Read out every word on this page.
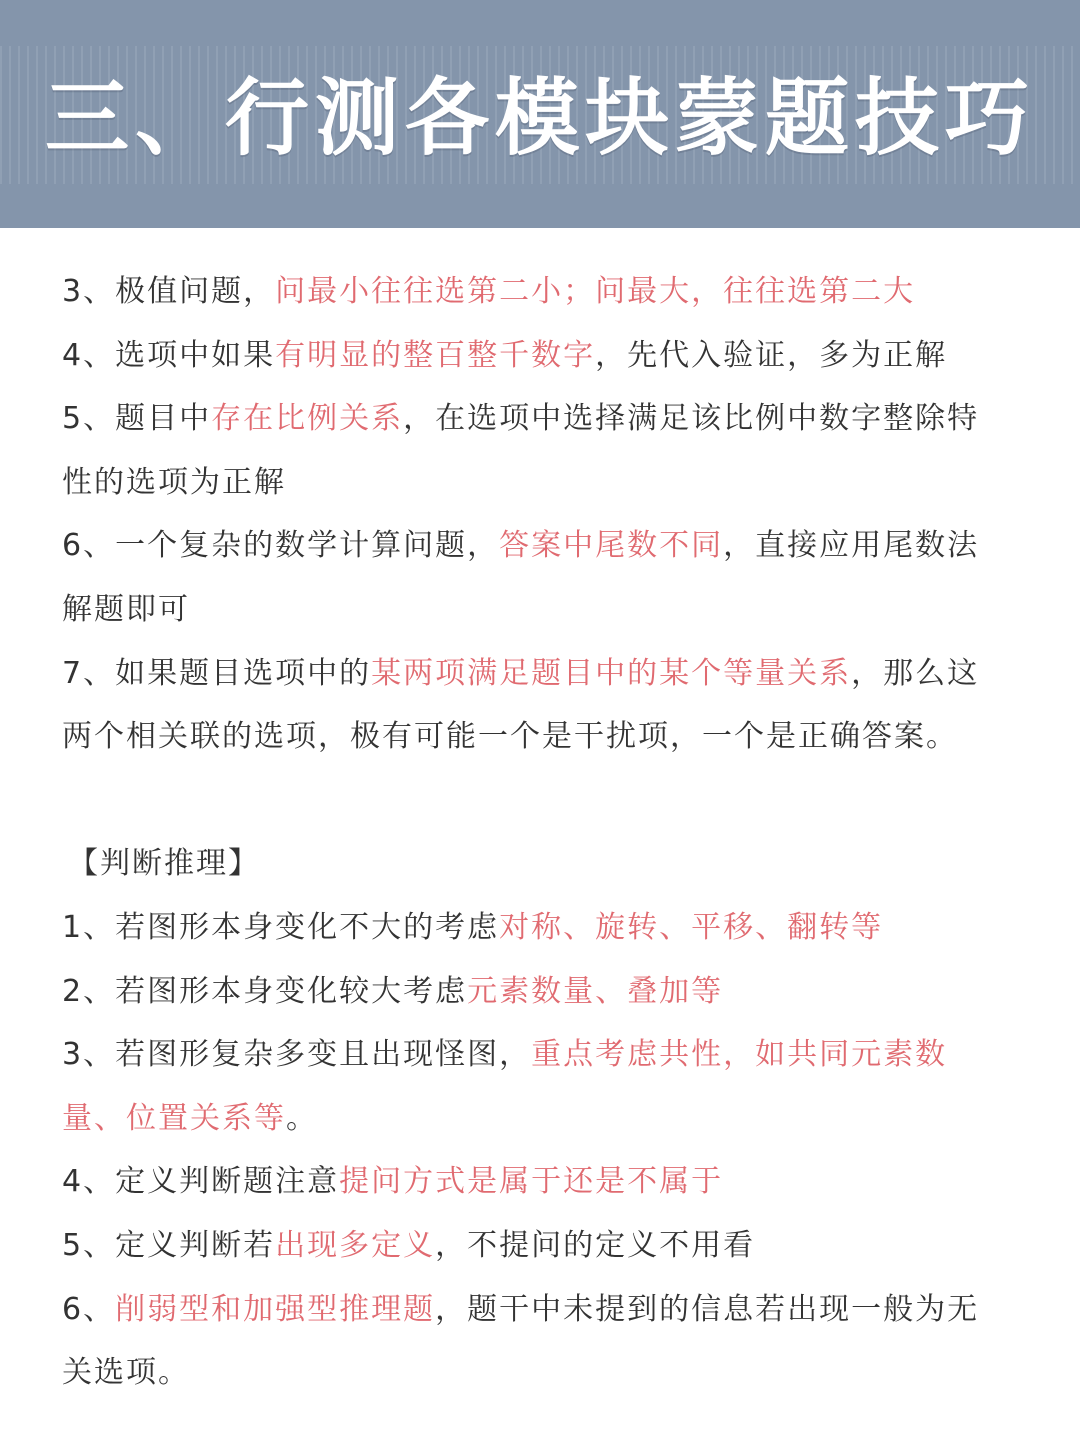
三、行测各模块蒙题技巧
3、极值问题，问最小往往选第二小；问最大，往往选第二大
4、选项中如果有明显的整百整千数字，先代入验证，多为正解
5、题目中存在比例关系，在选项中选择满足该比例中数字整除特
性的选项为正解
6、一个复杂的数学计算问题，答案中尾数不同，直接应用尾数法
解题即可
7、如果题目选项中的某两项满足题目中的某个等量关系，那么这
两个相关联的选项，极有可能一个是干扰项，一个是正确答案。
【判断推理】
1、若图形本身变化不大的考虑对称、旋转、平移、翻转等
2、若图形本身变化较大考虑元素数量、叠加等
3、若图形复杂多变且出现怪图，重点考虑共性，如共同元素数
量、位置关系等。
4、定义判断题注意提问方式是属于还是不属于
5、定义判断若出现多定义，不提问的定义不用看
6、削弱型和加强型推理题，题干中未提到的信息若出现一般为无
关选项。
